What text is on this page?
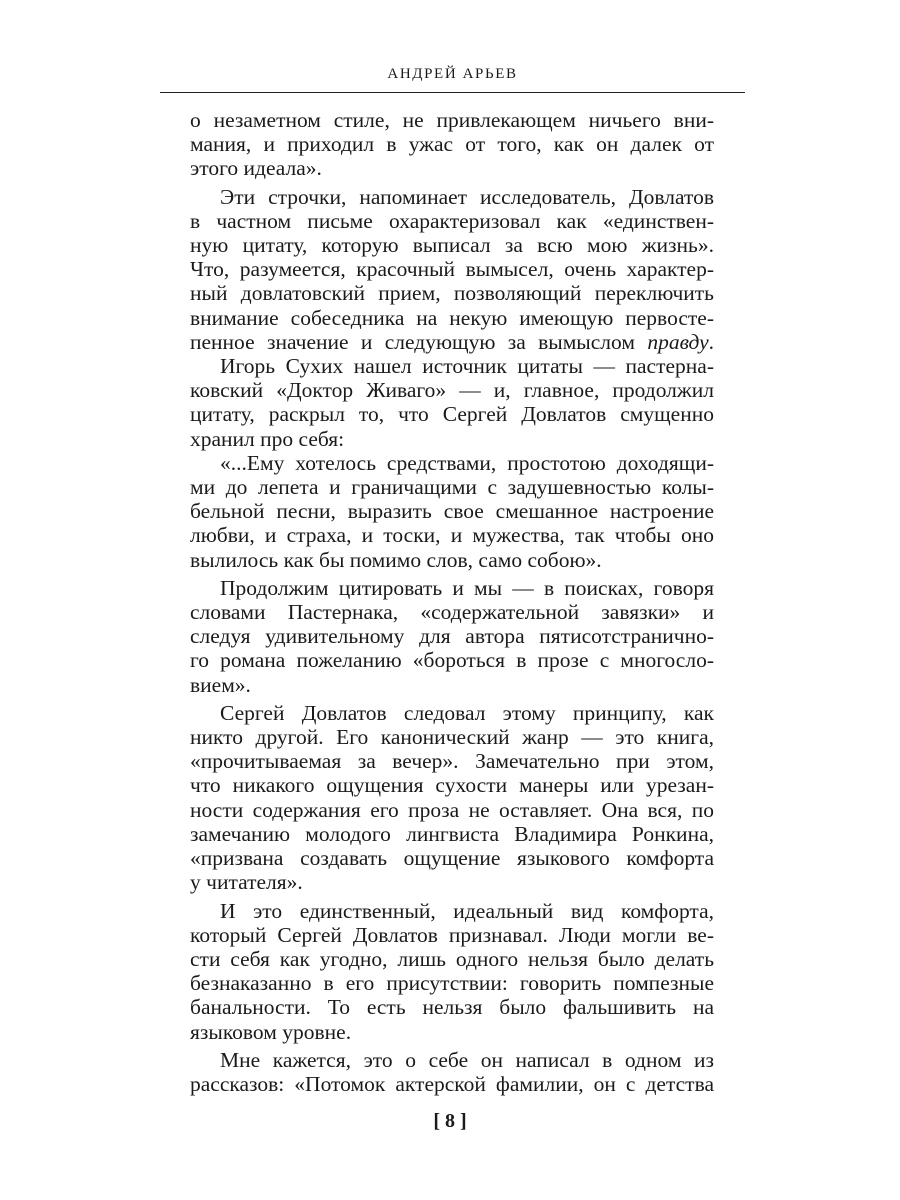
АНДРЕЙ АРЬЕВ
о незаметном стиле, не привлекающем ничьего вни-
мания, и приходил в ужас от того, как он далек от
этого идеала».
Эти строчки, напоминает исследователь, Довлатов
в частном письме охарактеризовал как «единствен-
ную цитату, которую выписал за всю мою жизнь».
Что, разумеется, красочный вымысел, очень характер-
ный довлатовский прием, позволяющий переключить
внимание собеседника на некую имеющую первосте-
пенное значение и следующую за вымыслом правду.
Игорь Сухих нашел источник цитаты — пастерна-
ковский «Доктор Живаго» — и, главное, продолжил
цитату, раскрыл то, что Сергей Довлатов смущенно
хранил про себя:
«...Ему хотелось средствами, простотою доходящи-
ми до лепета и граничащими с задушевностью колы-
бельной песни, выразить свое смешанное настроение
любви, и страха, и тоски, и мужества, так чтобы оно
вылилось как бы помимо слов, само собою».
Продолжим цитировать и мы — в поисках, говоря
словами Пастернака, «содержательной завязки» и
следуя удивительному для автора пятисотстранично-
го романа пожеланию «бороться в прозе с многосло-
вием».
Сергей Довлатов следовал этому принципу, как
никто другой. Его канонический жанр — это книга,
«прочитываемая за вечер». Замечательно при этом,
что никакого ощущения сухости манеры или урезан-
ности содержания его проза не оставляет. Она вся, по
замечанию молодого лингвиста Владимира Ронкина,
«призвана создавать ощущение языкового комфорта
у читателя».
И это единственный, идеальный вид комфорта,
который Сергей Довлатов признавал. Люди могли ве-
сти себя как угодно, лишь одного нельзя было делать
безнаказанно в его присутствии: говорить помпезные
банальности. То есть нельзя было фальшивить на
языковом уровне.
Мне кажется, это о себе он написал в одном из
рассказов: «Потомок актерской фамилии, он с детства
[ 8 ]
